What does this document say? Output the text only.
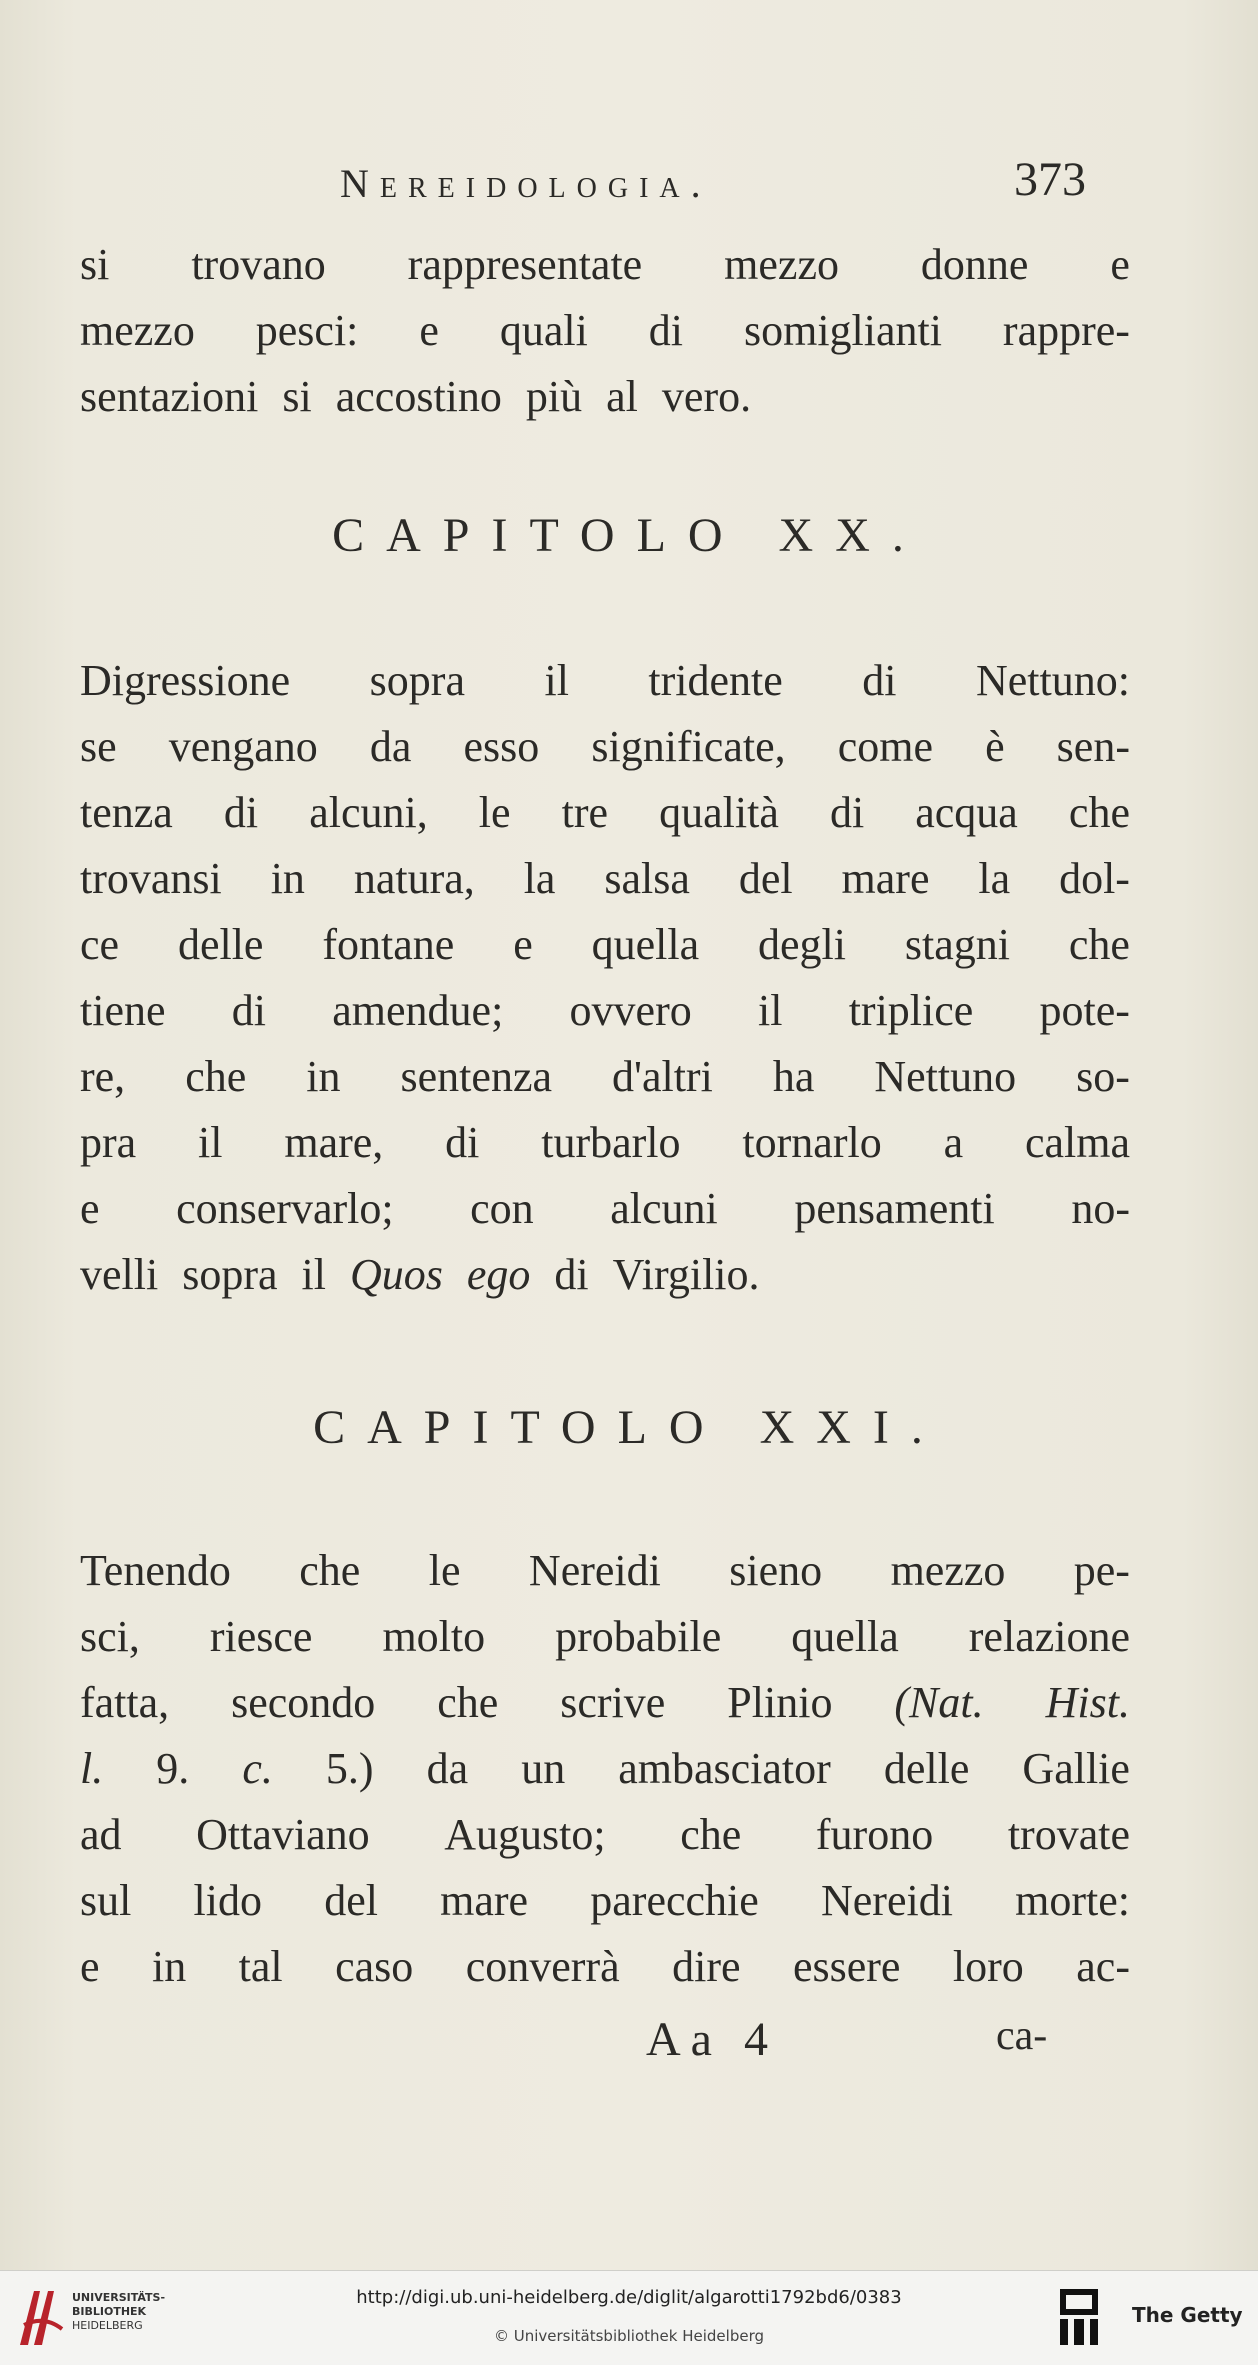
Nereidologia.	373
si trovano rappresentate mezzo donne e
mezzo pesci: e quali di somiglianti rappre-
sentazioni si accostino più al vero.
CAPITOLO XX.
Digressione sopra il tridente di Nettuno:
se vengano da esso significate, come è sen-
tenza di alcuni, le tre qualità di acqua che
trovansi in natura, la salsa del mare la dol-
ce delle fontane e quella degli stagni che
tiene di amendue; ovvero il triplice pote-
re, che in sentenza d'altri ha Nettuno so-
pra il mare, di turbarlo tornarlo a calma
e conservarlo; con alcuni pensamenti no-
velli sopra il Quos ego di Virgilio.
CAPITOLO XXI.
Tenendo che le Nereidi sieno mezzo pe-
sci, riesce molto probabile quella relazione
fatta, secondo che scrive Plinio (Nat. Hist.
l. 9. c. 5.) da un ambasciator delle Gallie
ad Ottaviano Augusto; che furono trovate
sul lido del mare parecchie Nereidi morte:
e in tal caso converrà dire essere loro ac-
Aa 4	ca-
UNIVERSITÄTS-
BIBLIOTHEK
HEIDELBERG
http://digi.ub.uni-heidelberg.de/diglit/algarotti1792bd6/0383
© Universitätsbibliothek Heidelberg
The Getty
